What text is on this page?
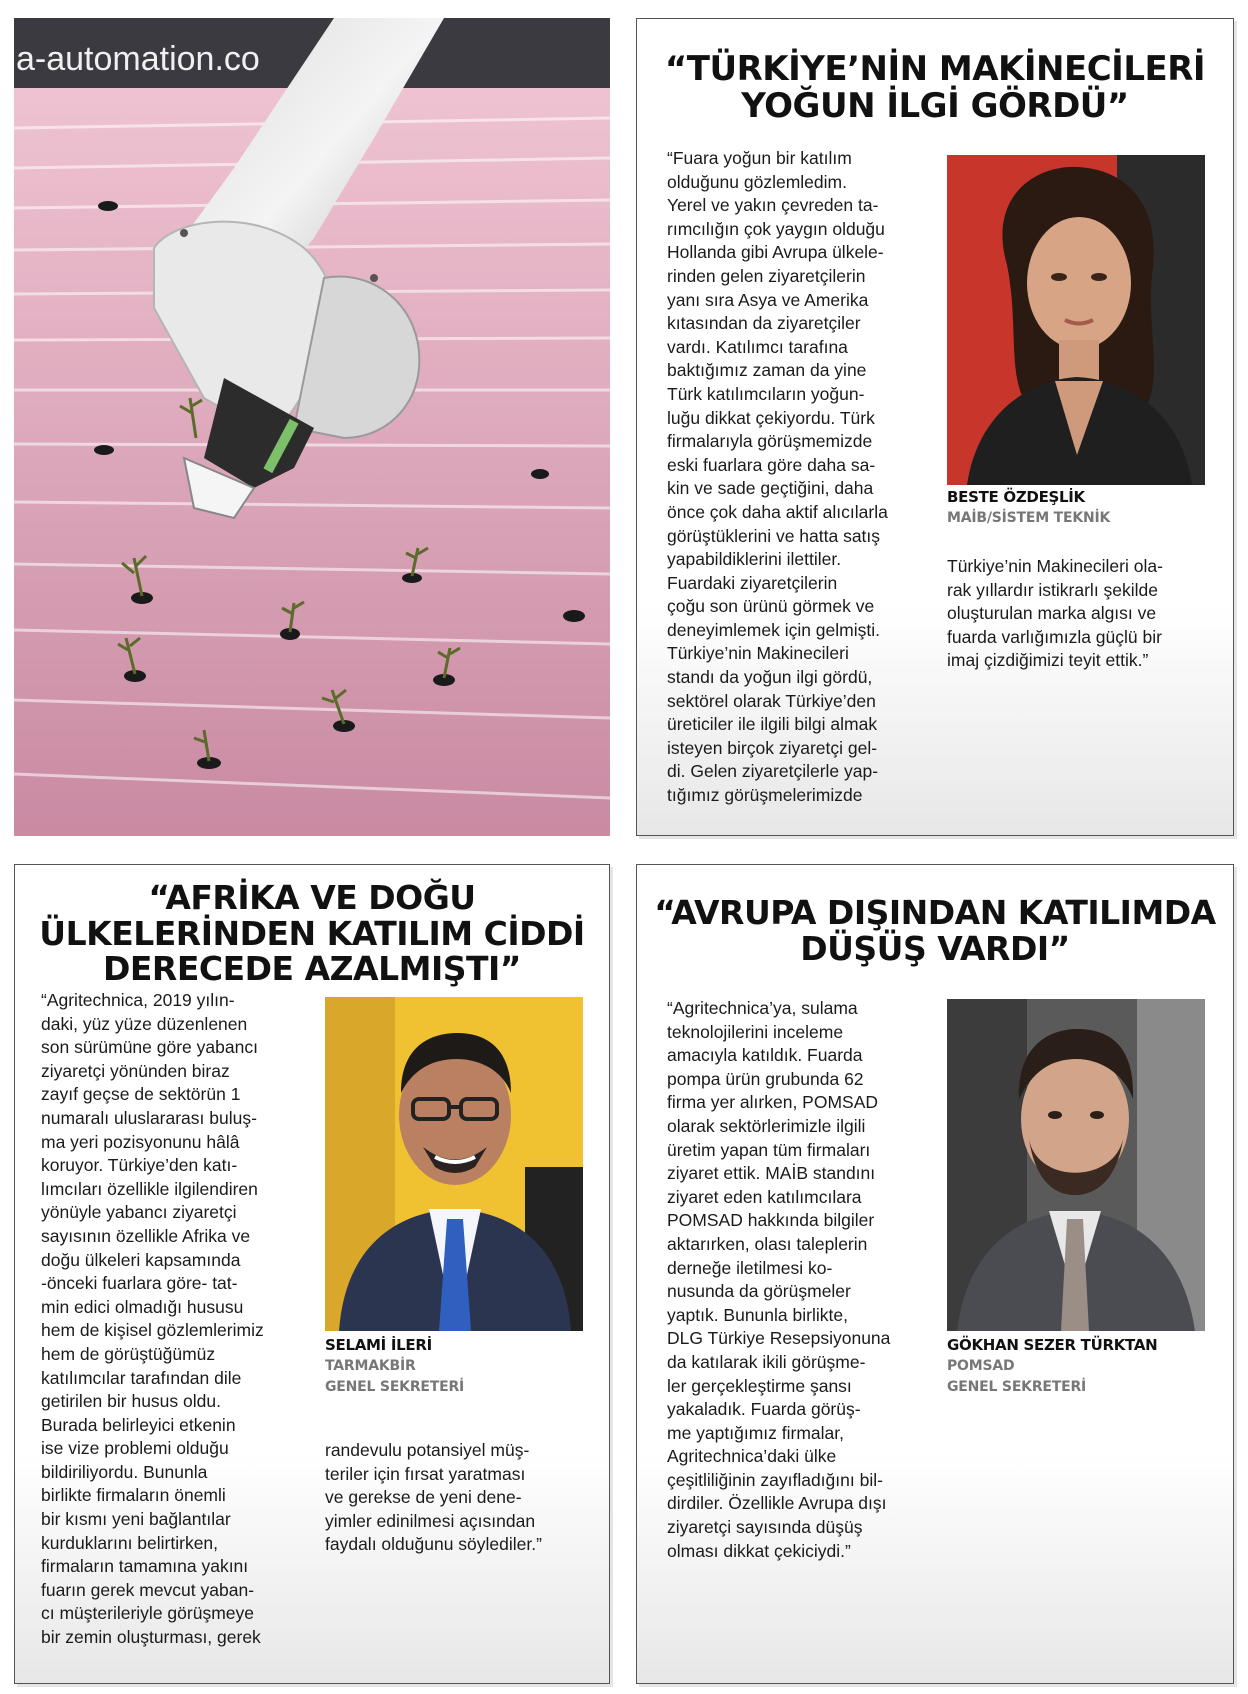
a-automation.co	“TÜRKİYE’NİN MAKİNECİLERİ
YOĞUN İLGİ GÖRDÜ”

“Fuara yoğun bir katılım
olduğunu gözlemledim.
Yerel ve yakın çevreden ta-
rımcılığın çok yaygın olduğu
Hollanda gibi Avrupa ülkele-
rinden gelen ziyaretçilerin
yanı sıra Asya ve Amerika
kıtasından da ziyaretçiler
vardı. Katılımcı tarafına
baktığımız zaman da yine
Türk katılımcıların yoğun-
luğu dikkat çekiyordu. Türk
firmalarıyla görüşmemizde
eski fuarlara göre daha sa-
kin ve sade geçtiğini, daha
önce çok daha aktif alıcılarla
görüştüklerini ve hatta satış
yapabildiklerini ilettiler.
Fuardaki ziyaretçilerin
çoğu son ürünü görmek ve
deneyimlemek için gelmişti.
Türkiye’nin Makinecileri
standı da yoğun ilgi gördü,
sektörel olarak Türkiye’den
üreticiler ile ilgili bilgi almak
isteyen birçok ziyaretçi gel-
di. Gelen ziyaretçilerle yap-
tığımız görüşmelerimizde

BESTE ÖZDEŞLİK
MAİB/SİSTEM TEKNİK

Türkiye’nin Makinecileri ola-
rak yıllardır istikrarlı şekilde
oluşturulan marka algısı ve
fuarda varlığımızla güçlü bir
imaj çizdiğimizi teyit ettik.”

“AFRİKA VE DOĞU
ÜLKELERİNDEN KATILIM CİDDİ
DERECEDE AZALMIŞTI”

“Agritechnica, 2019 yılın-
daki, yüz yüze düzenlenen
son sürümüne göre yabancı
ziyaretçi yönünden biraz
zayıf geçse de sektörün 1
numaralı uluslararası buluş-
ma yeri pozisyonunu hâlâ
koruyor. Türkiye’den katı-
lımcıları özellikle ilgilendiren
yönüyle yabancı ziyaretçi
sayısının özellikle Afrika ve
doğu ülkeleri kapsamında
-önceki fuarlara göre- tat-
min edici olmadığı hususu
hem de kişisel gözlemlerimiz
hem de görüştüğümüz
katılımcılar tarafından dile
getirilen bir husus oldu.
Burada belirleyici etkenin
ise vize problemi olduğu
bildiriliyordu. Bununla
birlikte firmaların önemli
bir kısmı yeni bağlantılar
kurduklarını belirtirken,
firmaların tamamına yakını
fuarın gerek mevcut yaban-
cı müşterileriyle görüşmeye
bir zemin oluşturması, gerek

SELAMİ İLERİ
TARMAKBİR
GENEL SEKRETERİ

randevulu potansiyel müş-
teriler için fırsat yaratması
ve gerekse de yeni dene-
yimler edinilmesi açısından
faydalı olduğunu söylediler.”

“AVRUPA DIŞINDAN KATILIMDA
DÜŞÜŞ VARDI”

“Agritechnica’ya, sulama
teknolojilerini inceleme
amacıyla katıldık. Fuarda
pompa ürün grubunda 62
firma yer alırken, POMSAD
olarak sektörlerimizle ilgili
üretim yapan tüm firmaları
ziyaret ettik. MAİB standını
ziyaret eden katılımcılara
POMSAD hakkında bilgiler
aktarırken, olası taleplerin
derneğe iletilmesi ko-
nusunda da görüşmeler
yaptık. Bununla birlikte,
DLG Türkiye Resepsiyonuna
da katılarak ikili görüşme-
ler gerçekleştirme şansı
yakaladık. Fuarda görüş-
me yaptığımız firmalar,
Agritechnica’daki ülke
çeşitliliğinin zayıfladığını bil-
dirdiler. Özellikle Avrupa dışı
ziyaretçi sayısında düşüş
olması dikkat çekiciydi.”

GÖKHAN SEZER TÜRKTAN
POMSAD
GENEL SEKRETERİ
